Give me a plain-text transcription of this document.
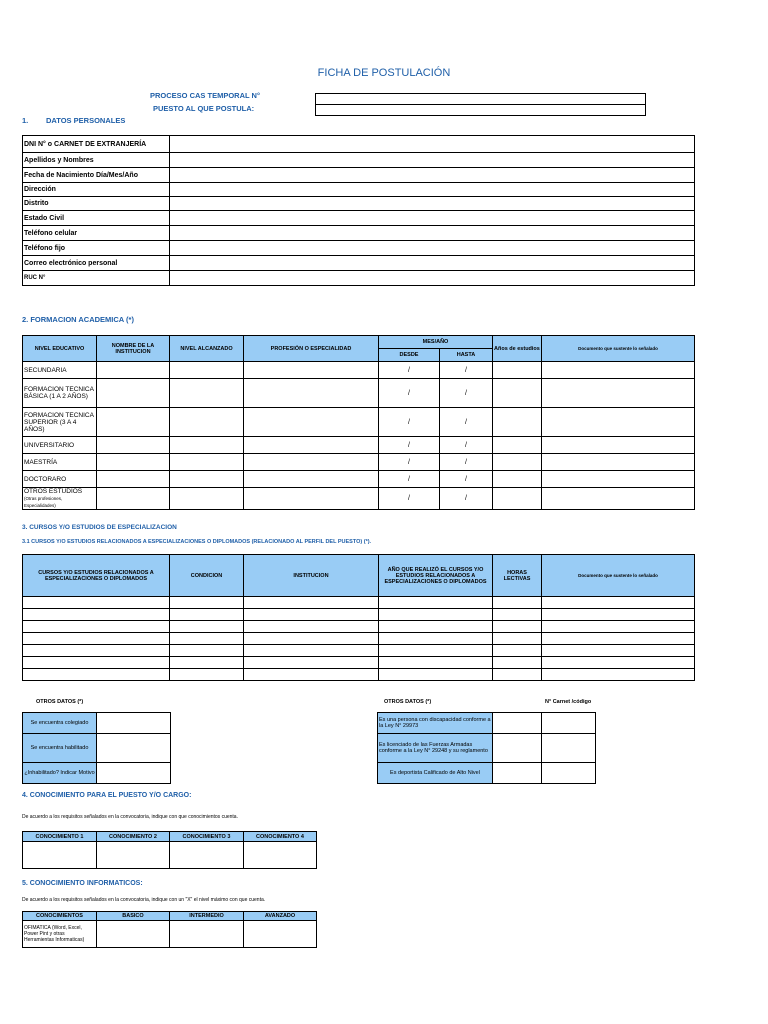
FICHA DE POSTULACIÓN
PROCESO CAS TEMPORAL N°
PUESTO AL QUE POSTULA:
1. DATOS PERSONALES
DNI N° o CARNET DE EXTRANJERÍA	
Apellidos y Nombres	
Fecha de Nacimiento Día/Mes/Año	
Dirección	
Distrito	
Estado Civil	
Teléfono celular	
Teléfono fijo	
Correo electrónico personal	
RUC N°	
2. FORMACION ACADEMICA (*)
NIVEL EDUCATIVO	NOMBRE DE LA INSTITUCION	NIVEL ALCANZADO	PROFESIÓN O ESPECIALIDAD	MES/AÑO		Años de estudios	Documento que sustente lo señalado
				DESDE	HASTA		
SECUNDARIA				/	/		
FORMACION TECNICA BÁSICA (1 A 2 AÑOS)				/	/		
FORMACION TECNICA SUPERIOR (3 A 4 AÑOS)				/	/		
UNIVERSITARIO				/	/		
MAESTRÍA				/	/		
DOCTORARO				/	/		
OTROS ESTUDIOS (Otras profesiones, Especialidades)				/	/		
3. CURSOS Y/O ESTUDIOS DE ESPECIALIZACION
3.1 CURSOS Y/O ESTUDIOS RELACIONADOS A ESPECIALIZACIONES O DIPLOMADOS (RELACIONADO AL PERFIL DEL PUESTO) (*).
CURSOS Y/O ESTUDIOS RELACIONADOS A ESPECIALIZACIONES O DIPLOMADOS	CONDICION	INSTITUCION	AÑO QUE REALIZÓ EL CURSOS Y/O ESTUDIOS RELACIONADOS A ESPECIALIZACIONES O DIPLOMADOS	HORAS LECTIVAS	Documento que sustente lo señalado

OTROS DATOS (*)	OTROS DATOS (*)	N° Carnet /código
Se encuentra colegiado	
Se encuentra habilitado	
¿Inhabilitado? Indicar Motivo	
Es una persona con discapacidad conforme a la Ley N° 29973		
Es licenciado de las Fuerzas Armadas conforme a la Ley N° 29248 y su reglamento		
Es deportista Calificado de Alto Nivel		
4. CONOCIMIENTO PARA EL PUESTO Y/O CARGO:
De acuerdo a los requisitos señalados en la convocatoria, indique con que conocimientos cuenta.
CONOCIMIENTO 1	CONOCIMIENTO 2	CONOCIMIENTO 3	CONOCIMIENTO 4

5. CONOCIMIENTO INFORMATICOS:
De acuerdo a los requisitos señalados en la convocatoria, indique con un "X" el nivel máximo con que cuenta.
CONOCIMIENTOS	BASICO	INTERMEDIO	AVANZADO
OFIMATICA (Word, Excel, Power Pint y otras Herramientas Informaticas)			
